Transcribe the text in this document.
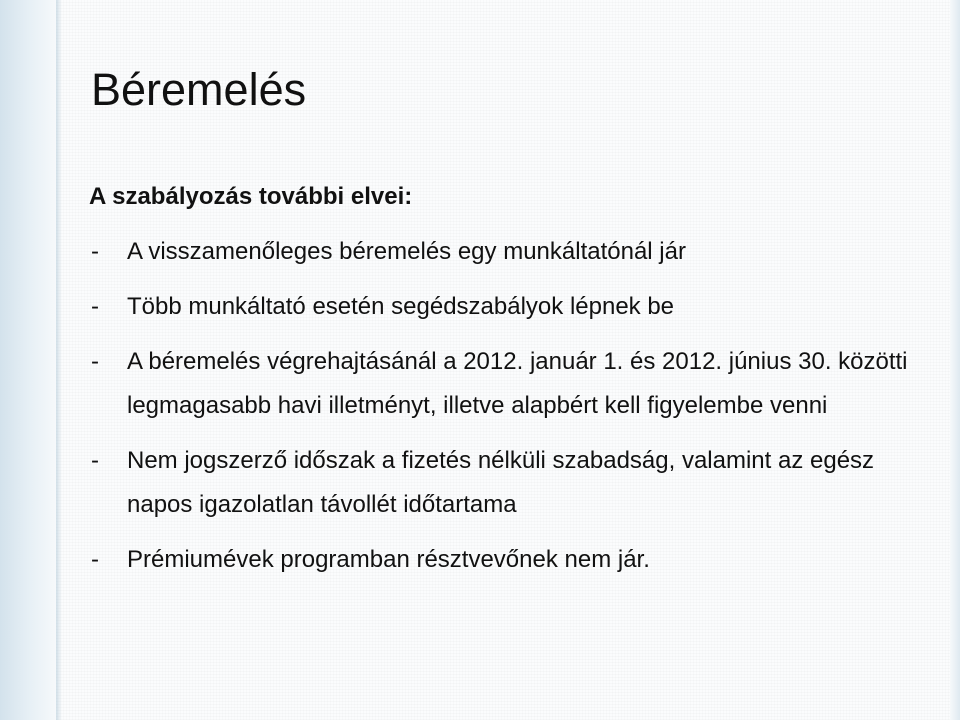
Béremelés
A szabályozás további elvei:
- A visszamenőleges béremelés egy munkáltatónál jár
- Több munkáltató esetén segédszabályok lépnek be
- A béremelés végrehajtásánál a 2012. január 1. és 2012. június 30. közötti legmagasabb havi illetményt, illetve alapbért kell figyelembe venni
- Nem jogszerző időszak a fizetés nélküli szabadság, valamint az egész napos igazolatlan távollét időtartama
- Prémiumévek programban résztvevőnek nem jár.
